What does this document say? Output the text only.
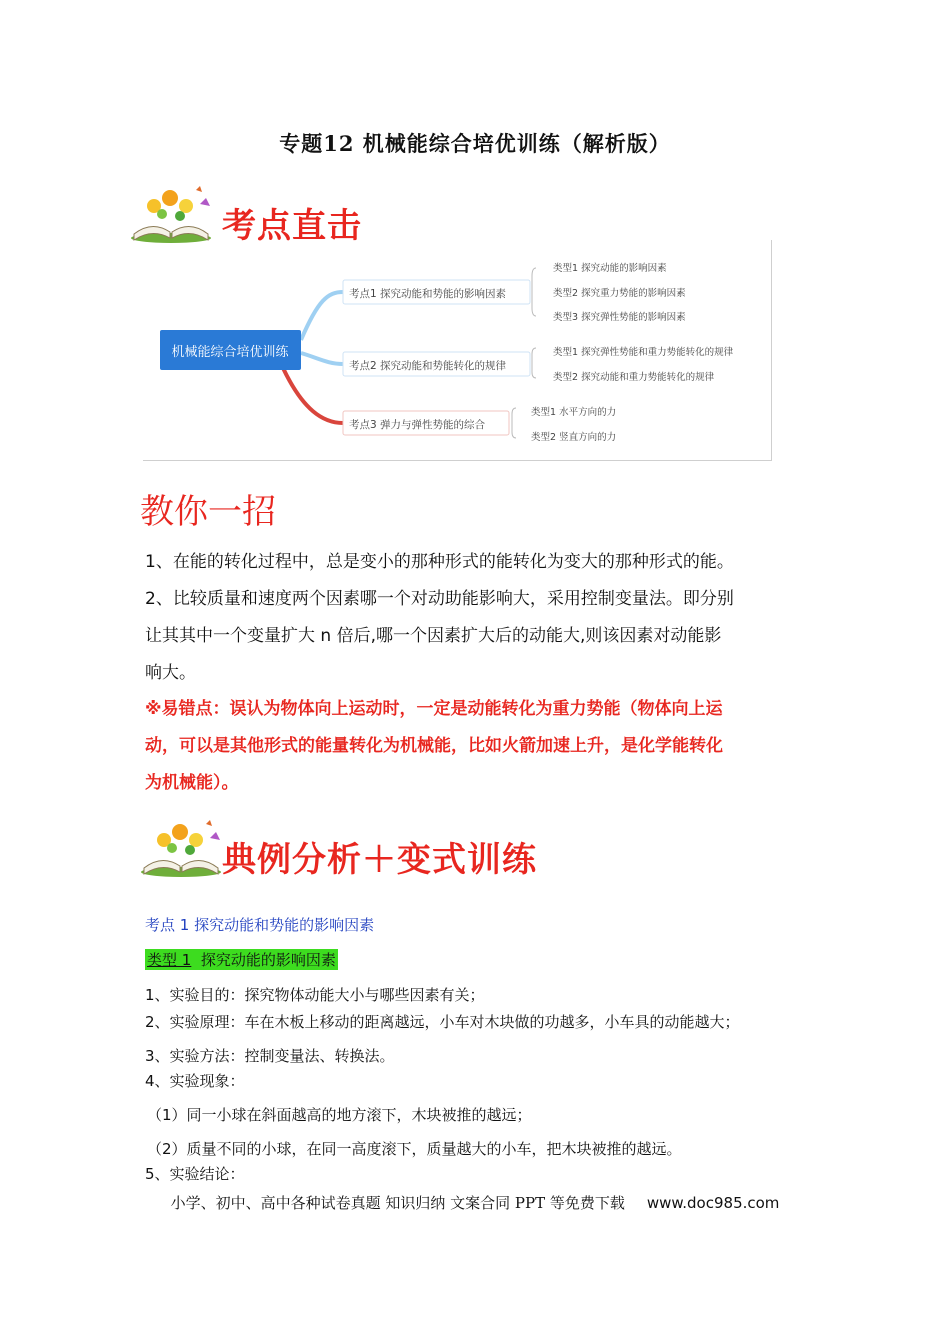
专题12 机械能综合培优训练（解析版）
考点直击
机械能综合培优训练
考点1 探究动能和势能的影响因素
类型1 探究动能的影响因素
类型2 探究重力势能的影响因素
类型3 探究弹性势能的影响因素
考点2 探究动能和势能转化的规律
类型1 探究弹性势能和重力势能转化的规律
类型2 探究动能和重力势能转化的规律
考点3 弹力与弹性势能的综合
类型1 水平方向的力
类型2 竖直方向的力
教你一招
1、在能的转化过程中，总是变小的那种形式的能转化为变大的那种形式的能。
2、比较质量和速度两个因素哪一个对动助能影响大，采用控制变量法。即分别
让其其中一个变量扩大 n 倍后,哪一个因素扩大后的动能大,则该因素对动能影
响大。
※易错点：误认为物体向上运动时，一定是动能转化为重力势能（物体向上运
动，可以是其他形式的能量转化为机械能，比如火箭加速上升，是化学能转化
为机械能）。
典例分析＋变式训练
考点 1 探究动能和势能的影响因素
类型 1 探究动能的影响因素
1、实验目的：探究物体动能大小与哪些因素有关；
2、实验原理：车在木板上移动的距离越远，小车对木块做的功越多，小车具的动能越大；
3、实验方法：控制变量法、转换法。
4、实验现象：
（1）同一小球在斜面越高的地方滚下，木块被推的越远；
（2）质量不同的小球，在同一高度滚下，质量越大的小车，把木块被推的越远。
5、实验结论：
小学、初中、高中各种试卷真题 知识归纳 文案合同 PPT 等免费下载 www.doc985.com
